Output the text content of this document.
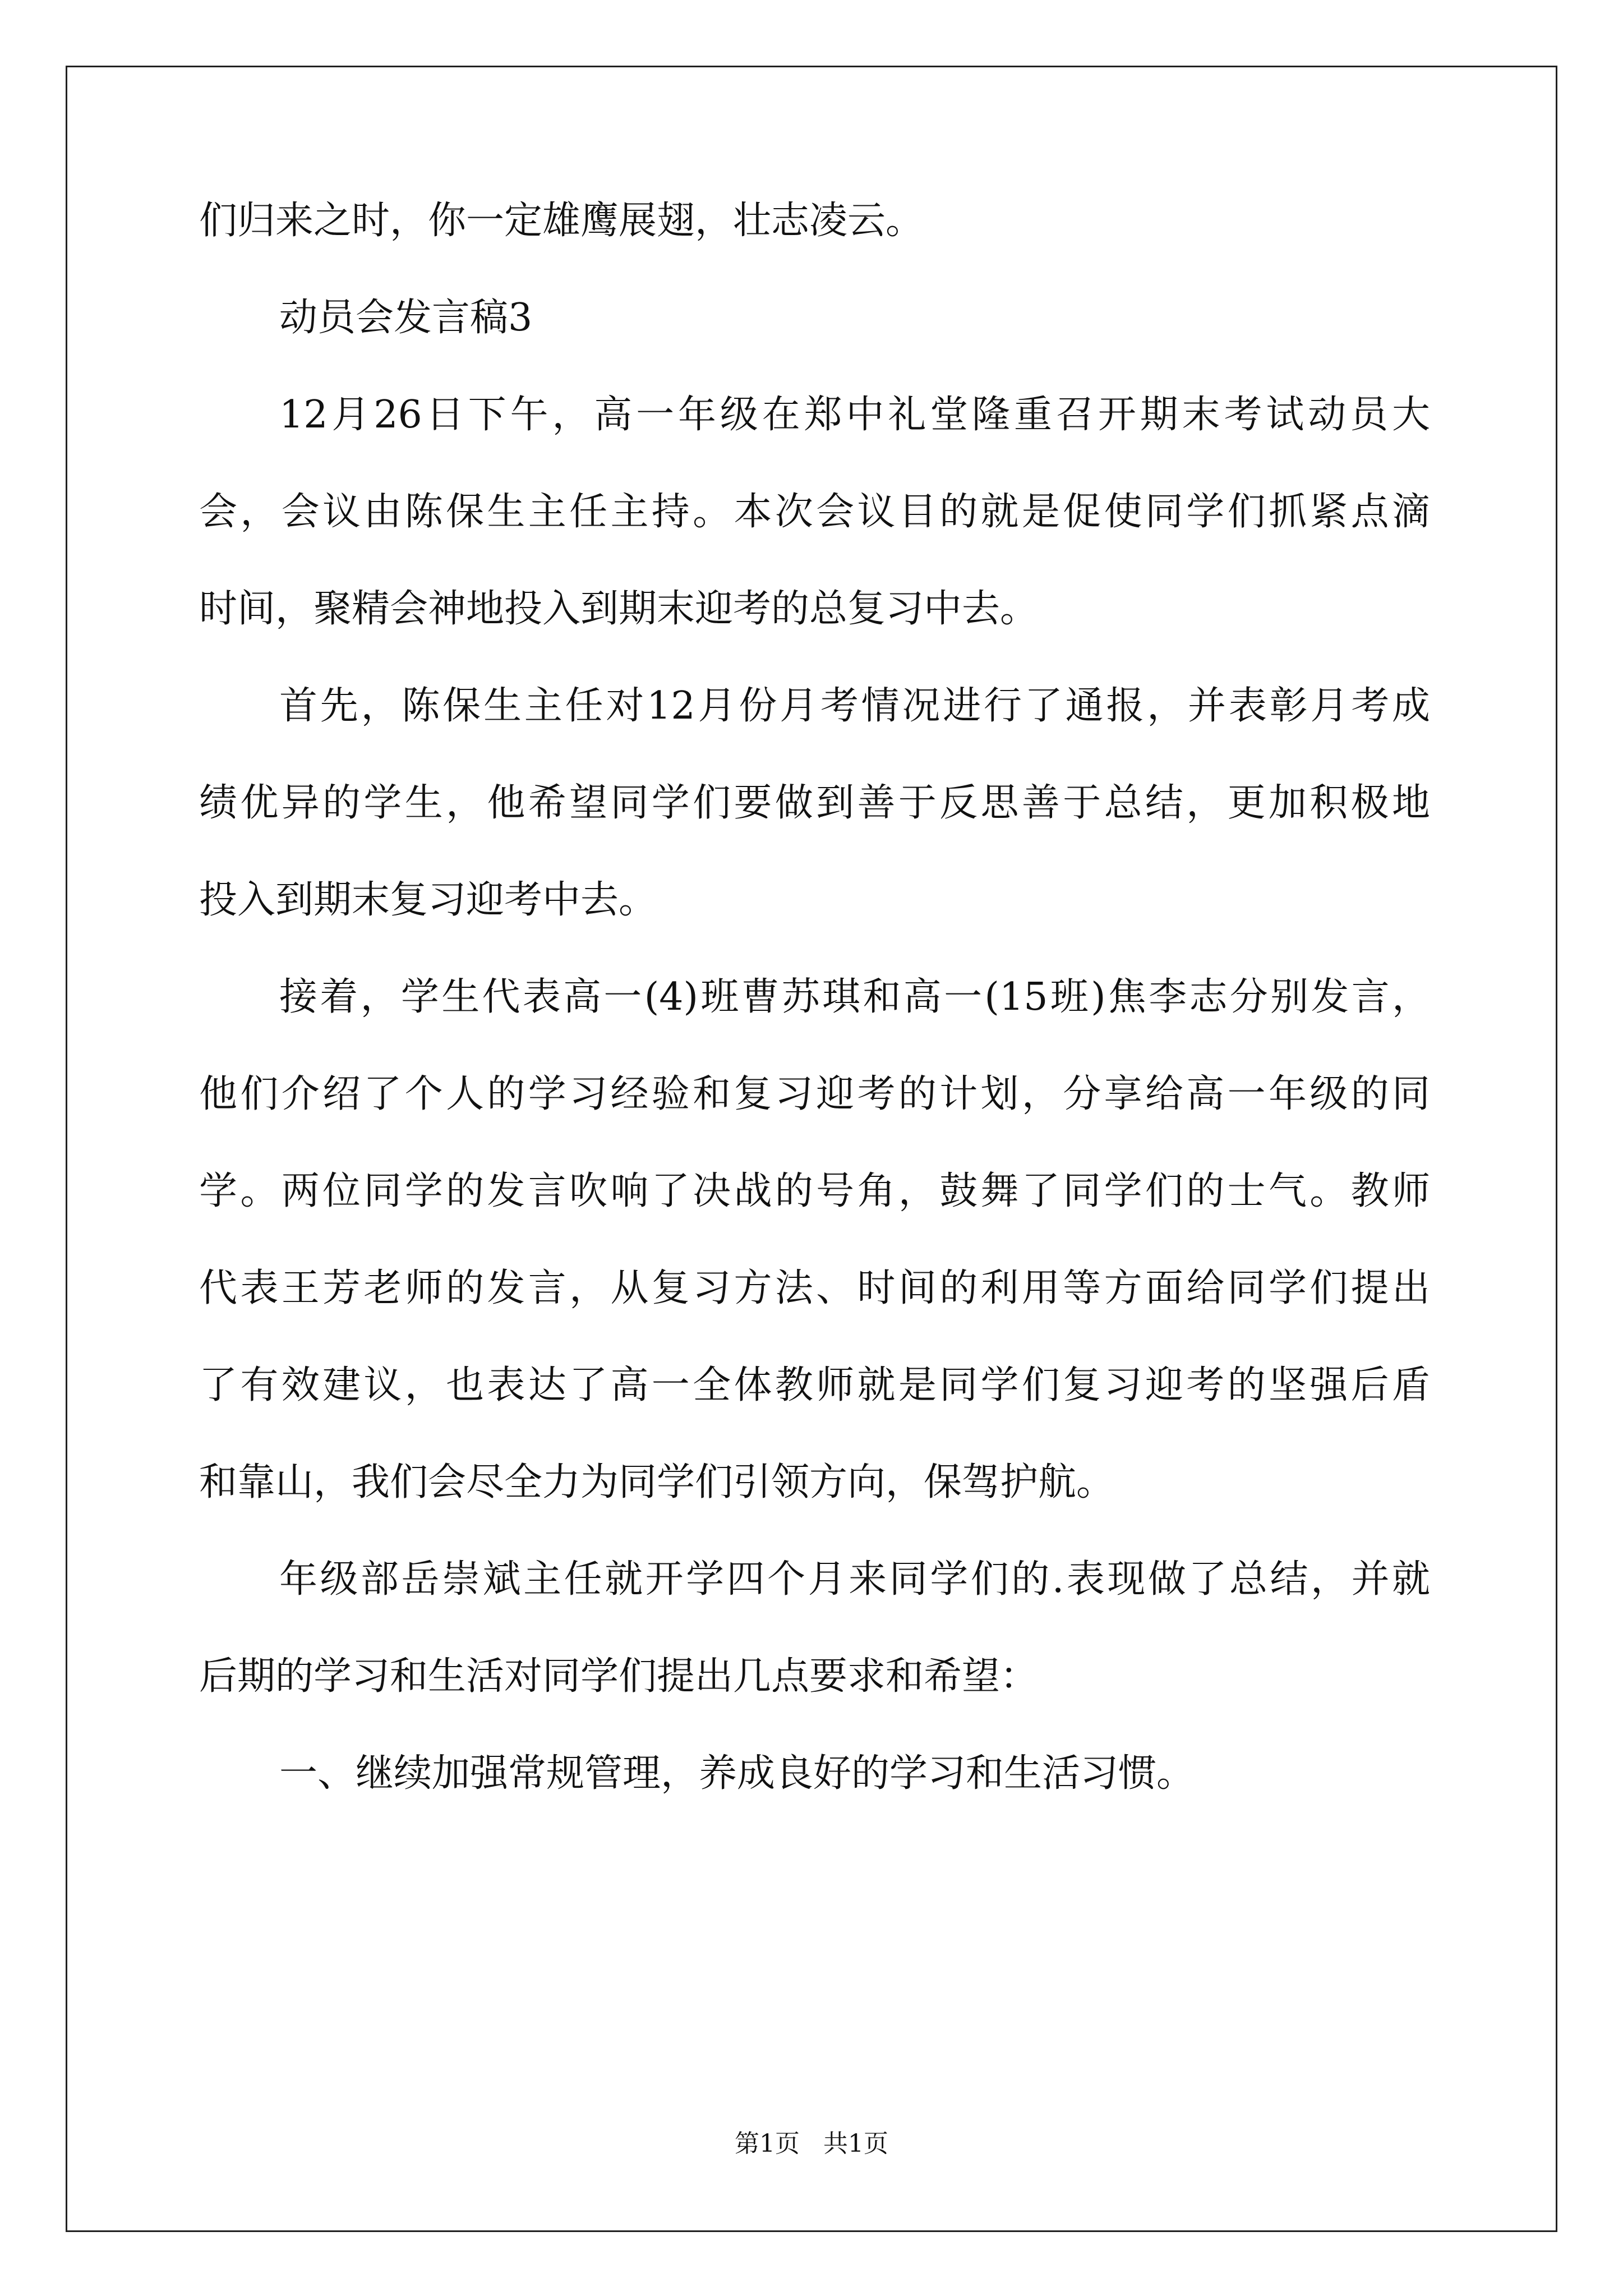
们归来之时，你一定雄鹰展翅，壮志凌云。
动员会发言稿3
12月26日下午，高一年级在郑中礼堂隆重召开期末考试动员大
会，会议由陈保生主任主持。本次会议目的就是促使同学们抓紧点滴
时间，聚精会神地投入到期末迎考的总复习中去。
首先，陈保生主任对12月份月考情况进行了通报，并表彰月考成
绩优异的学生，他希望同学们要做到善于反思善于总结，更加积极地
投入到期末复习迎考中去。
接着，学生代表高一(4)班曹苏琪和高一(15班)焦李志分别发言，
他们介绍了个人的学习经验和复习迎考的计划，分享给高一年级的同
学。两位同学的发言吹响了决战的号角，鼓舞了同学们的士气。教师
代表王芳老师的发言，从复习方法、时间的利用等方面给同学们提出
了有效建议，也表达了高一全体教师就是同学们复习迎考的坚强后盾
和靠山，我们会尽全力为同学们引领方向，保驾护航。
年级部岳崇斌主任就开学四个月来同学们的.表现做了总结，并就
后期的学习和生活对同学们提出几点要求和希望：
一、继续加强常规管理，养成良好的学习和生活习惯。
第1页   共1页
